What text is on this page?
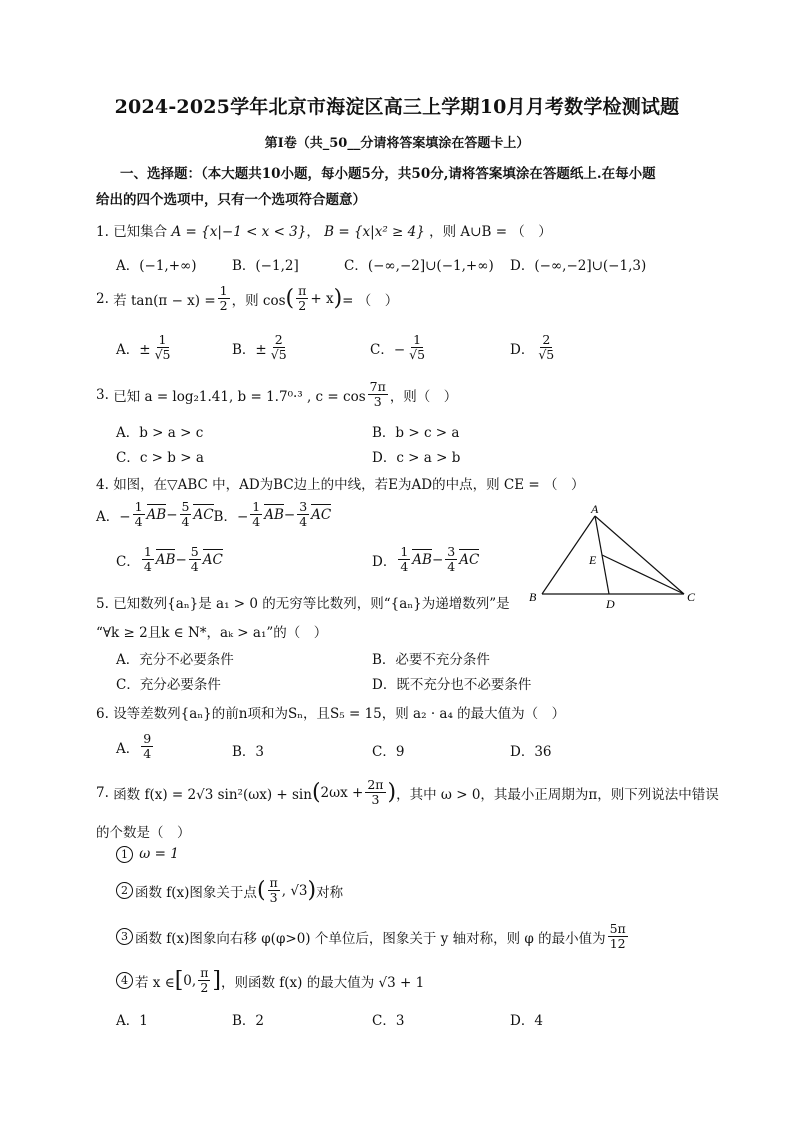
2024-2025学年北京市海淀区高三上学期10月月考数学检测试题
第Ⅰ卷（共_50__分请将答案填涂在答题卡上）
一、选择题：（本大题共10小题，每小题5分，共50分,请将答案填涂在答题纸上.在每小题
给出的四个选项中，只有一个选项符合题意）
1. 已知集合 A = {x|−1 < x < 3}， B = {x|x² ≥ 4} ，则 A∪B = （　）
A．(−1,+∞)	B．(−1,2]	C．(−∞,−2]∪(−1,+∞) D．(−∞,−2]∪(−1,3)
2.
若 $\tan(\pi - x) = \frac{1}{2}$ ，则 cos ( $\frac{\pi}{2} + x$ ) = （　）
A．± $\frac{1}{√5}$	B．± $\frac{2}{√5}$	C．− $\frac{1}{√5}$	D． $\frac{2}{√5}$
3.
已知 a = log₂1.41, b = 1.7⁰·³ , $c = \cos \frac{7\pi}{3}$ ，则（　）
A．b > a > c	B．b > c > a
C．c > b > a	D．c > a > b
4. 如图，在▽ABC 中，AD为BC边上的中线，若E为AD的中点，则 CE = （　）
A．− $\frac{1}{4}$ AB − $\frac{5}{4}$ AC B．− $\frac{1}{4}$ AB − $\frac{3}{4}$ AC
C． $\frac{1}{4}$ AB − $\frac{5}{4}$ AC	D． $\frac{1}{4}$ AB − $\frac{3}{4}$ AC
A
B	C
D
E
5. 已知数列{aₙ}是 a₁ > 0 的无穷等比数列，则“{aₙ}为递增数列”是
“∀k ≥ 2且k ∈ N*，aₖ > a₁”的（　）
A．充分不必要条件	B．必要不充分条件
C．充分必要条件	D．既不充分也不必要条件
6. 设等差数列{aₙ}的前n项和为Sₙ，且S₅ = 15，则 a₂ · a₄ 的最大值为（　）
A． $\frac{9}{4}$	B．3	C．9	D．36
7.
函数 f(x) = 2√3 sin²(ωx) + sin ( $2\omega x + \frac{2\pi}{3}$ ) ，其中 ω > 0，其最小正周期为π，则下列说法中错误
的个数是（　）
1 ω = 1
2 函数 f(x)图象关于点 ( $\frac{\pi}{3}$ , √3 ) 对称
3 函数 f(x)图象向右移 φ(φ>0) 个单位后，图象关于 y 轴对称，则 φ 的最小值为 $\frac{5\pi}{12}$
4 若 x ∈ [ 0, $\frac{\pi}{2}$ ] ，则函数 f(x) 的最大值为 √3 + 1
A．1	B．2	C．3	D．4
